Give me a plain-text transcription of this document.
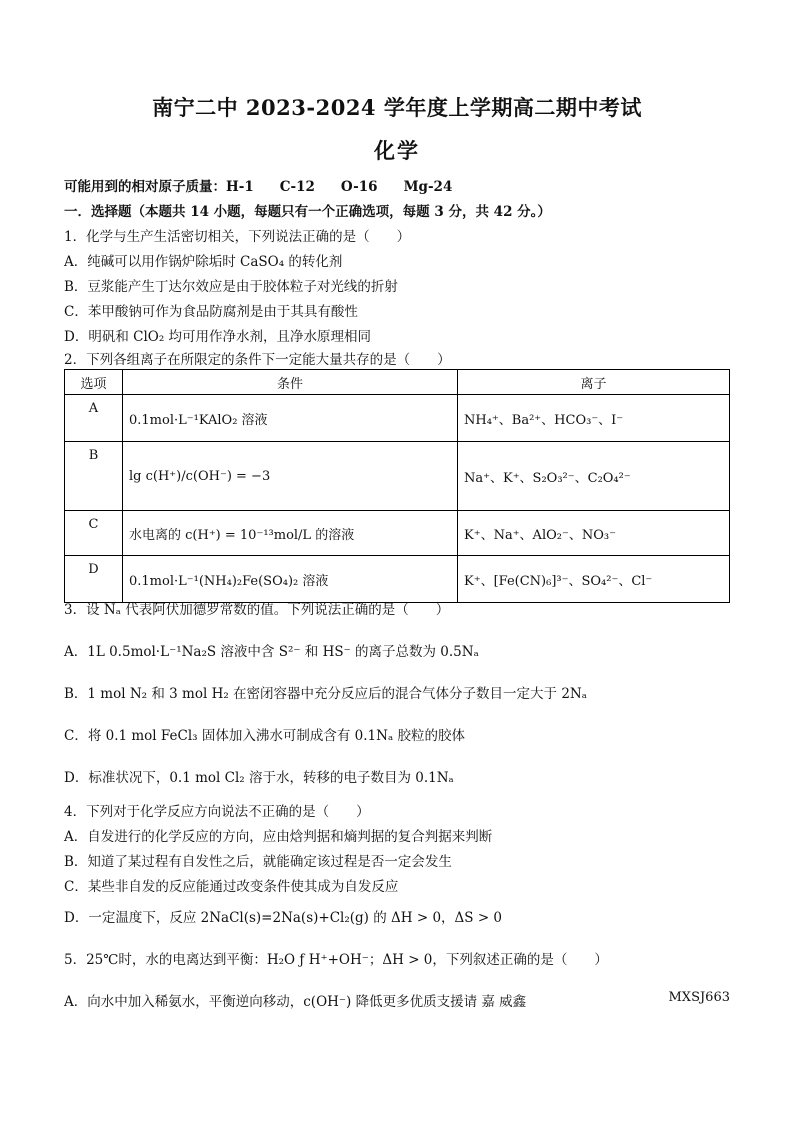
南宁二中 2023-2024 学年度上学期高二期中考试
化学
可能用到的相对原子质量：H-1 C-12 O-16 Mg-24
一．选择题（本题共 14 小题，每题只有一个正确选项，每题 3 分，共 42 分。）
1．化学与生产生活密切相关，下列说法正确的是（　　）
A．纯碱可以用作锅炉除垢时 CaSO₄ 的转化剂
B．豆浆能产生丁达尔效应是由于胶体粒子对光线的折射
C．苯甲酸钠可作为食品防腐剂是由于其具有酸性
D．明矾和 ClO₂ 均可用作净水剂，且净水原理相同
2．下列各组离子在所限定的条件下一定能大量共存的是（　　）
选项	条件	离子
A	0.1mol·L⁻¹KAlO₂ 溶液	NH₄⁺、Ba²⁺、HCO₃⁻、I⁻
B	lg c(H⁺)/c(OH⁻) = −3	Na⁺、K⁺、S₂O₃²⁻、C₂O₄²⁻
C	水电离的 c(H⁺) = 10⁻¹³mol/L 的溶液	K⁺、Na⁺、AlO₂⁻、NO₃⁻
D	0.1mol·L⁻¹(NH₄)₂Fe(SO₄)₂ 溶液	K⁺、[Fe(CN)₆]³⁻、SO₄²⁻、Cl⁻
3．设 Nₐ 代表阿伏加德罗常数的值。下列说法正确的是（　　）
A．1L 0.5mol·L⁻¹Na₂S 溶液中含 S²⁻ 和 HS⁻ 的离子总数为 0.5Nₐ
B．1 mol N₂ 和 3 mol H₂ 在密闭容器中充分反应后的混合气体分子数目一定大于 2Nₐ
C．将 0.1 mol FeCl₃ 固体加入沸水可制成含有 0.1Nₐ 胶粒的胶体
D．标准状况下，0.1 mol Cl₂ 溶于水，转移的电子数目为 0.1Nₐ
4．下列对于化学反应方向说法不正确的是（　　）
A．自发进行的化学反应的方向，应由焓判据和熵判据的复合判据来判断
B．知道了某过程有自发性之后，就能确定该过程是否一定会发生
C．某些非自发的反应能通过改变条件使其成为自发反应
D．一定温度下，反应 2NaCl(s)=2Na(s)+Cl₂(g) 的 ΔH > 0，ΔS > 0
5．25℃时，水的电离达到平衡：H₂O ƒ H⁺+OH⁻；ΔH > 0，下列叙述正确的是（　　）
A．向水中加入稀氨水，平衡逆向移动，c(OH⁻) 降低更多优质支援请 嘉 威鑫	MXSJ663
